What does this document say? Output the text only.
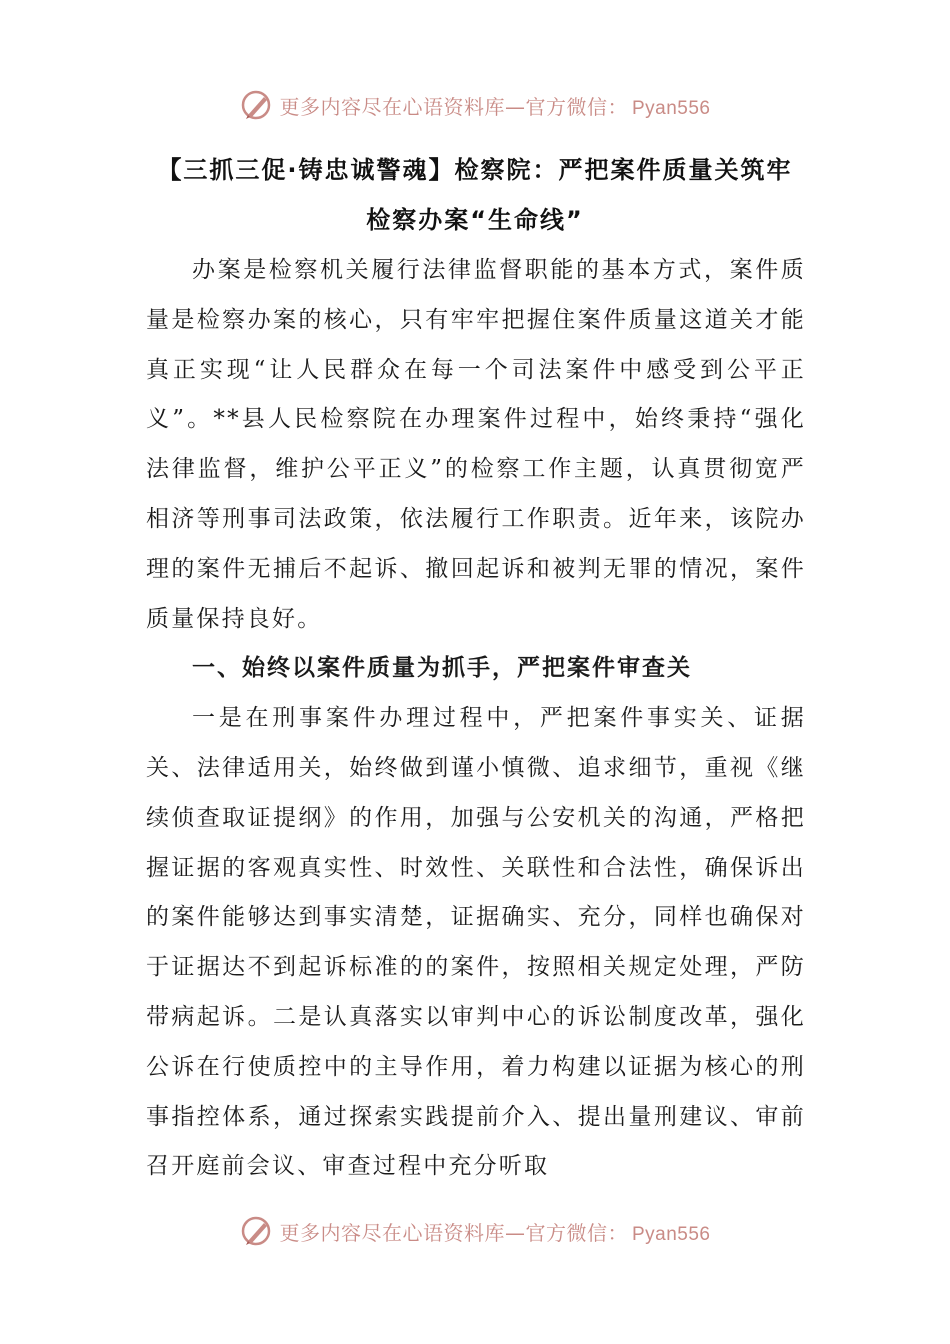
更多内容尽在心语资料库—官方微信： Pyan556
【三抓三促·铸忠诚警魂】检察院：严把案件质量关筑牢
检察办案“生命线”

办案是检察机关履行法律监督职能的基本方式，案件质量是检察办案的核心，只有牢牢把握住案件质量这道关才能真正实现“让人民群众在每一个司法案件中感受到公平正义”。**县人民检察院在办理案件过程中，始终秉持“强化法律监督，维护公平正义”的检察工作主题，认真贯彻宽严相济等刑事司法政策，依法履行工作职责。近年来，该院办理的案件无捕后不起诉、撤回起诉和被判无罪的情况，案件质量保持良好。

一、始终以案件质量为抓手，严把案件审查关

一是在刑事案件办理过程中，严把案件事实关、证据关、法律适用关，始终做到谨小慎微、追求细节，重视《继续侦查取证提纲》的作用，加强与公安机关的沟通，严格把握证据的客观真实性、时效性、关联性和合法性，确保诉出的案件能够达到事实清楚，证据确实、充分，同样也确保对于证据达不到起诉标准的的案件，按照相关规定处理，严防带病起诉。二是认真落实以审判中心的诉讼制度改革，强化公诉在行使质控中的主导作用，着力构建以证据为核心的刑事指控体系，通过探索实践提前介入、提出量刑建议、审前召开庭前会议、审查过程中充分听取

更多内容尽在心语资料库—官方微信： Pyan556
